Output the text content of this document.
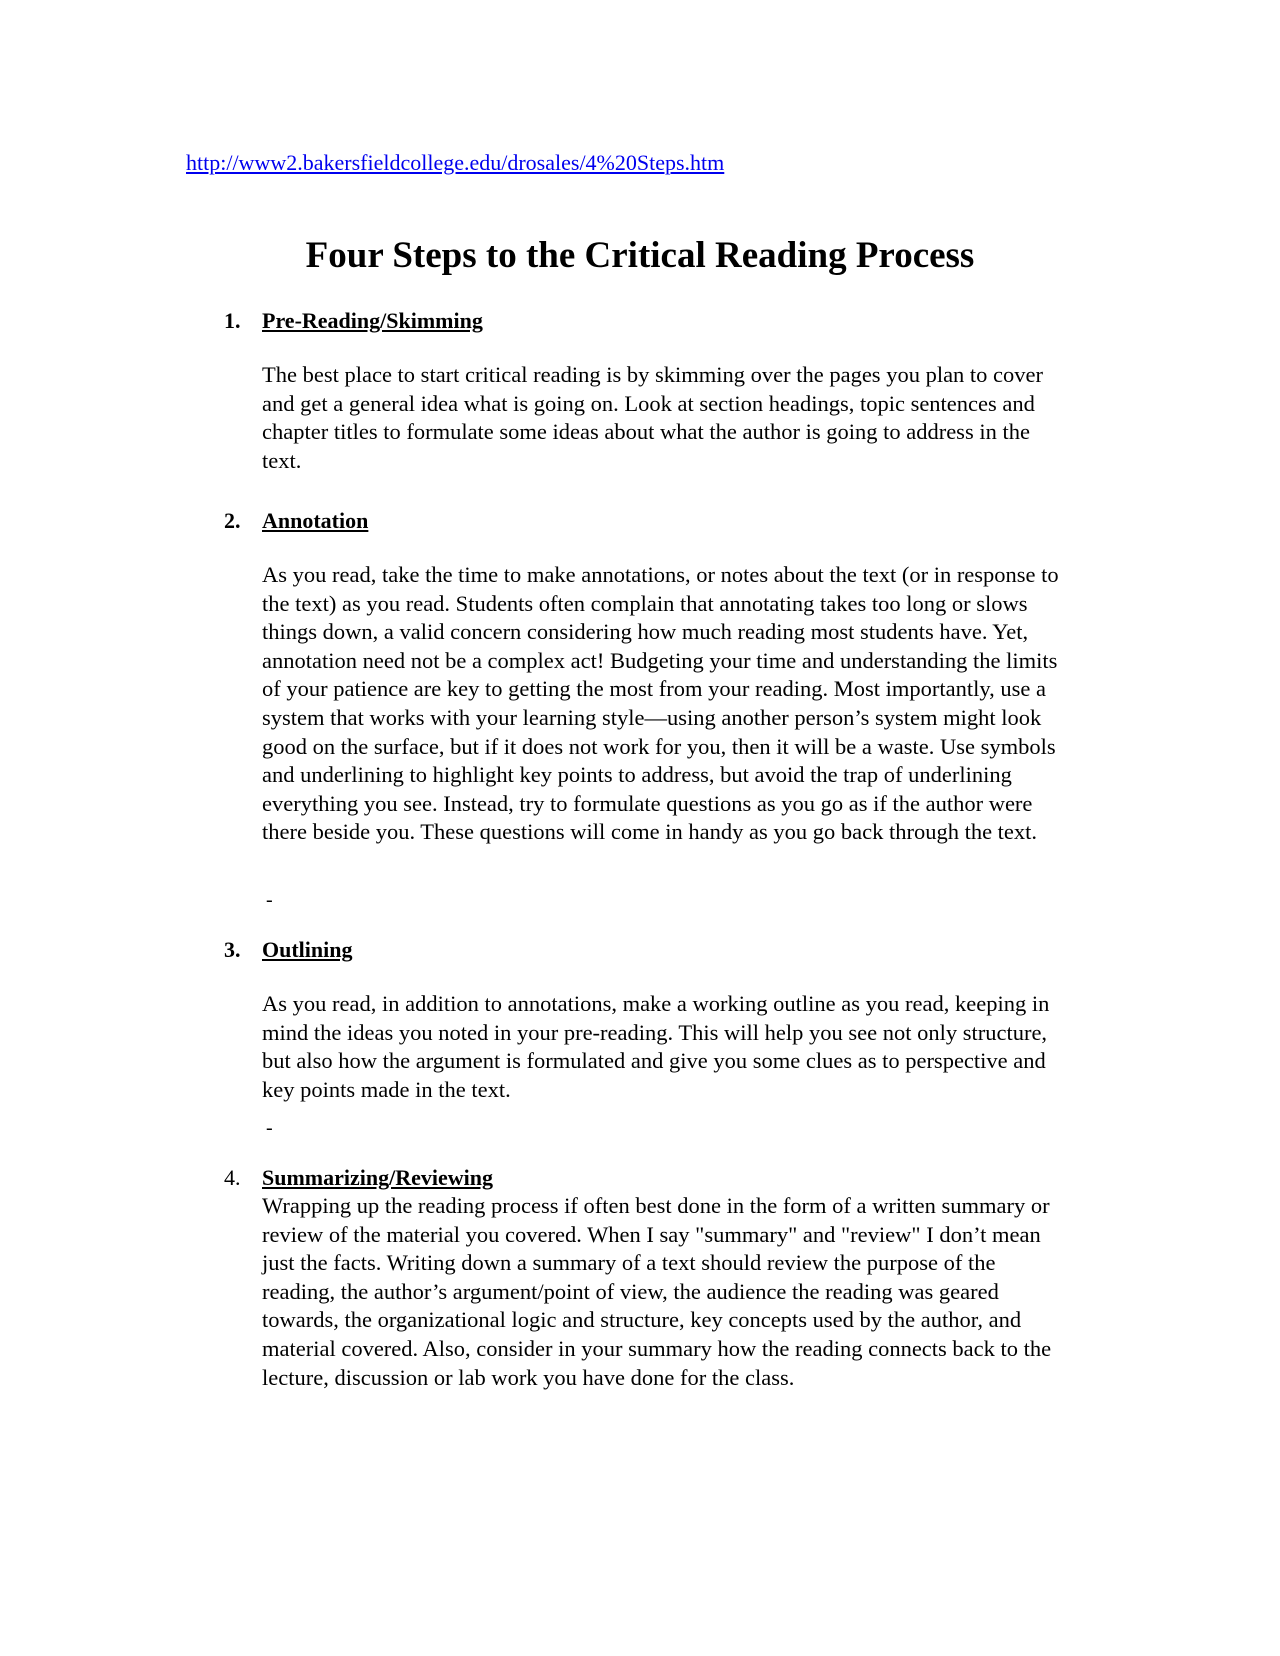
http://www2.bakersfieldcollege.edu/drosales/4%20Steps.htm
Four Steps to the Critical Reading Process
1. Pre-Reading/Skimming

The best place to start critical reading is by skimming over the pages you plan to cover and get a general idea what is going on. Look at section headings, topic sentences and chapter titles to formulate some ideas about what the author is going to address in the text.

2. Annotation

As you read, take the time to make annotations, or notes about the text (or in response to the text) as you read. Students often complain that annotating takes too long or slows things down, a valid concern considering how much reading most students have. Yet, annotation need not be a complex act! Budgeting your time and understanding the limits of your patience are key to getting the most from your reading. Most importantly, use a system that works with your learning style—using another person’s system might look good on the surface, but if it does not work for you, then it will be a waste. Use symbols and underlining to highlight key points to address, but avoid the trap of underlining everything you see. Instead, try to formulate questions as you go as if the author were there beside you. These questions will come in handy as you go back through the text.

-
3. Outlining

As you read, in addition to annotations, make a working outline as you read, keeping in mind the ideas you noted in your pre-reading. This will help you see not only structure, but also how the argument is formulated and give you some clues as to perspective and key points made in the text.

-
4. Summarizing/Reviewing

Wrapping up the reading process if often best done in the form of a written summary or review of the material you covered. When I say "summary" and "review" I don’t mean just the facts. Writing down a summary of a text should review the purpose of the reading, the author’s argument/point of view, the audience the reading was geared towards, the organizational logic and structure, key concepts used by the author, and material covered. Also, consider in your summary how the reading connects back to the lecture, discussion or lab work you have done for the class.
